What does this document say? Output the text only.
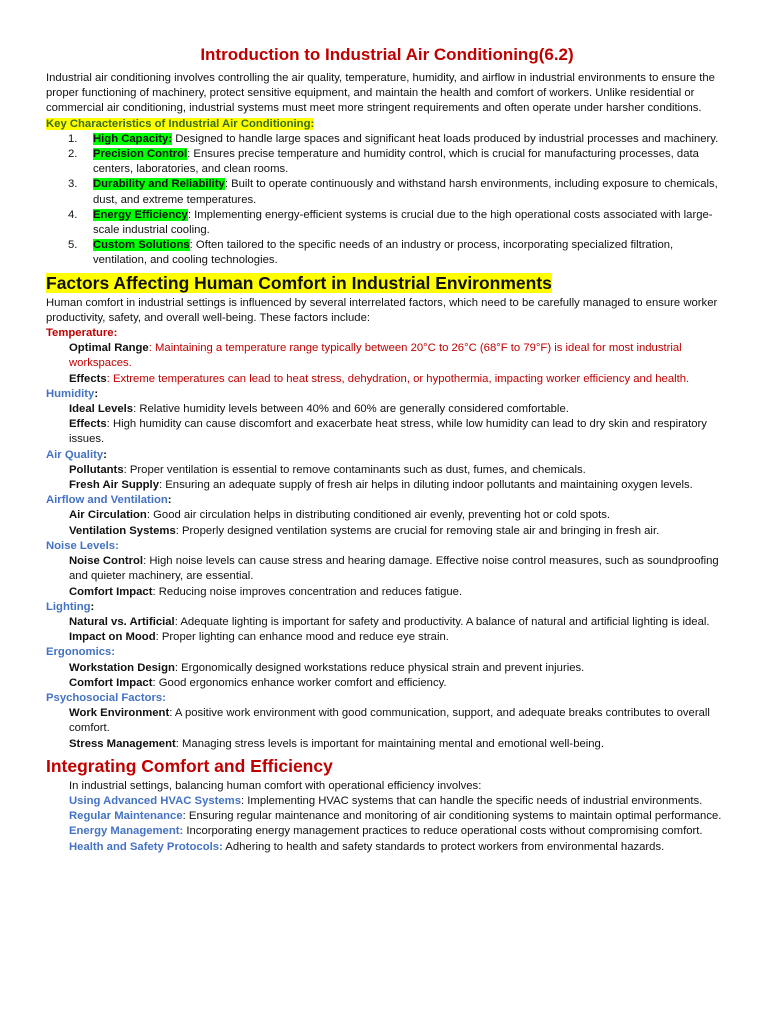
Introduction to Industrial Air Conditioning(6.2)

Industrial air conditioning involves controlling the air quality, temperature, humidity, and airflow in industrial environments to ensure the proper functioning of machinery, protect sensitive equipment, and maintain the health and comfort of workers. Unlike residential or commercial air conditioning, industrial systems must meet more stringent requirements and often operate under harsher conditions.

Key Characteristics of Industrial Air Conditioning:

1. High Capacity: Designed to handle large spaces and significant heat loads produced by industrial processes and machinery.
2. Precision Control: Ensures precise temperature and humidity control, which is crucial for manufacturing processes, data centers, laboratories, and clean rooms.
3. Durability and Reliability: Built to operate continuously and withstand harsh environments, including exposure to chemicals, dust, and extreme temperatures.
4. Energy Efficiency: Implementing energy-efficient systems is crucial due to the high operational costs associated with large-scale industrial cooling.
5. Custom Solutions: Often tailored to the specific needs of an industry or process, incorporating specialized filtration, ventilation, and cooling technologies.
Factors Affecting Human Comfort in Industrial Environments

Human comfort in industrial settings is influenced by several interrelated factors, which need to be carefully managed to ensure worker productivity, safety, and overall well-being. These factors include:

Temperature:

Optimal Range: Maintaining a temperature range typically between 20°C to 26°C (68°F to 79°F) is ideal for most industrial workspaces.

Effects: Extreme temperatures can lead to heat stress, dehydration, or hypothermia, impacting worker efficiency and health.

Humidity:

Ideal Levels: Relative humidity levels between 40% and 60% are generally considered comfortable.

Effects: High humidity can cause discomfort and exacerbate heat stress, while low humidity can lead to dry skin and respiratory issues.

Air Quality:

Pollutants: Proper ventilation is essential to remove contaminants such as dust, fumes, and chemicals.

Fresh Air Supply: Ensuring an adequate supply of fresh air helps in diluting indoor pollutants and maintaining oxygen levels.

Airflow and Ventilation:

Air Circulation: Good air circulation helps in distributing conditioned air evenly, preventing hot or cold spots.

Ventilation Systems: Properly designed ventilation systems are crucial for removing stale air and bringing in fresh air.

Noise Levels:

Noise Control: High noise levels can cause stress and hearing damage. Effective noise control measures, such as soundproofing and quieter machinery, are essential.

Comfort Impact: Reducing noise improves concentration and reduces fatigue.

Lighting:

Natural vs. Artificial: Adequate lighting is important for safety and productivity. A balance of natural and artificial lighting is ideal.

Impact on Mood: Proper lighting can enhance mood and reduce eye strain.

Ergonomics:

Workstation Design: Ergonomically designed workstations reduce physical strain and prevent injuries.

Comfort Impact: Good ergonomics enhance worker comfort and efficiency.

Psychosocial Factors:

Work Environment: A positive work environment with good communication, support, and adequate breaks contributes to overall comfort.

Stress Management: Managing stress levels is important for maintaining mental and emotional well-being.

Integrating Comfort and Efficiency

In industrial settings, balancing human comfort with operational efficiency involves:

Using Advanced HVAC Systems: Implementing HVAC systems that can handle the specific needs of industrial environments.

Regular Maintenance: Ensuring regular maintenance and monitoring of air conditioning systems to maintain optimal performance.

Energy Management: Incorporating energy management practices to reduce operational costs without compromising comfort.

Health and Safety Protocols: Adhering to health and safety standards to protect workers from environmental hazards.
